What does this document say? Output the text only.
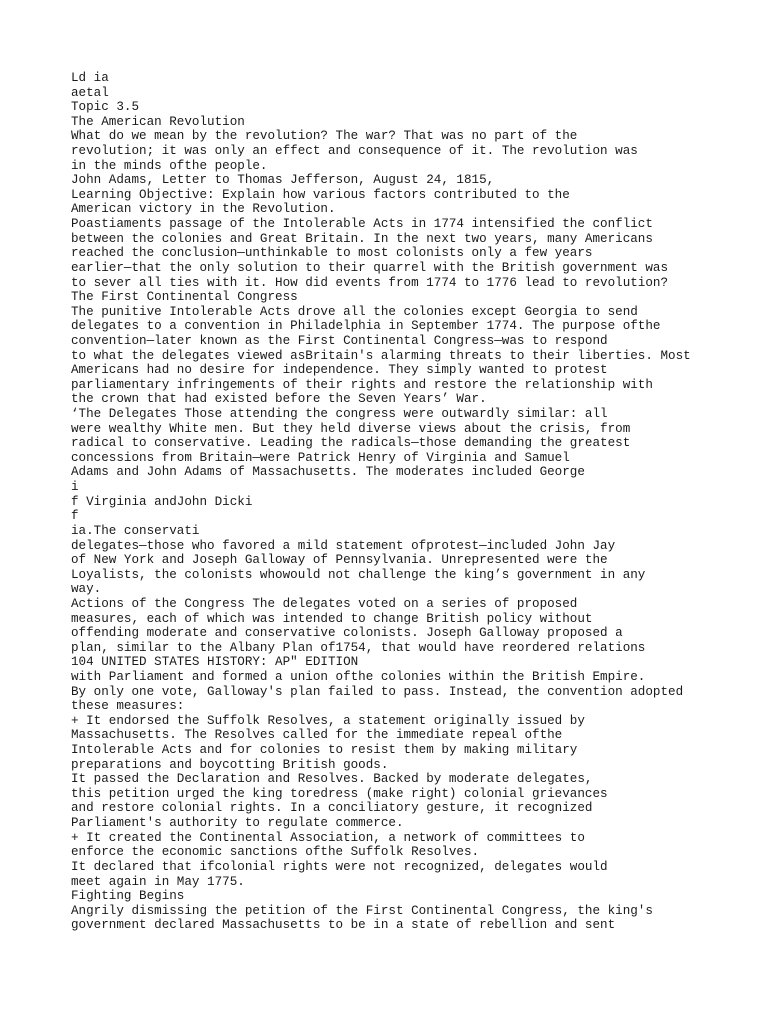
Ld ia
aetal
Topic 3.5
The American Revolution
What do we mean by the revolution? The war? That was no part of the
revolution; it was only an effect and consequence of it. The revolution was
in the minds ofthe people.
John Adams, Letter to Thomas Jefferson, August 24, 1815,
Learning Objective: Explain how various factors contributed to the
American victory in the Revolution.
Poastiaments passage of the Intolerable Acts in 1774 intensified the conflict
between the colonies and Great Britain. In the next two years, many Americans
reached the conclusion—unthinkable to most colonists only a few years
earlier—that the only solution to their quarrel with the British government was
to sever all ties with it. How did events from 1774 to 1776 lead to revolution?
The First Continental Congress
The punitive Intolerable Acts drove all the colonies except Georgia to send
delegates to a convention in Philadelphia in September 1774. The purpose ofthe
convention—later known as the First Continental Congress—was to respond
to what the delegates viewed asBritain's alarming threats to their liberties. Most
Americans had no desire for independence. They simply wanted to protest
parliamentary infringements of their rights and restore the relationship with
the crown that had existed before the Seven Years’ War.
‘The Delegates Those attending the congress were outwardly similar: all
were wealthy White men. But they held diverse views about the crisis, from
radical to conservative. Leading the radicals—those demanding the greatest
concessions from Britain—were Patrick Henry of Virginia and Samuel
Adams and John Adams of Massachusetts. The moderates included George
i
f Virginia andJohn Dicki
f
ia.The conservati
delegates—those who favored a mild statement ofprotest—included John Jay
of New York and Joseph Galloway of Pennsylvania. Unrepresented were the
Loyalists, the colonists whowould not challenge the king’s government in any
way.
Actions of the Congress The delegates voted on a series of proposed
measures, each of which was intended to change British policy without
offending moderate and conservative colonists. Joseph Galloway proposed a
plan, similar to the Albany Plan of1754, that would have reordered relations
104 UNITED STATES HISTORY: AP" EDITION
with Parliament and formed a union ofthe colonies within the British Empire.
By only one vote, Galloway's plan failed to pass. Instead, the convention adopted
these measures:
+ It endorsed the Suffolk Resolves, a statement originally issued by
Massachusetts. The Resolves called for the immediate repeal ofthe
Intolerable Acts and for colonies to resist them by making military
preparations and boycotting British goods.
It passed the Declaration and Resolves. Backed by moderate delegates,
this petition urged the king toredress (make right) colonial grievances
and restore colonial rights. In a conciliatory gesture, it recognized
Parliament's authority to regulate commerce.
+ It created the Continental Association, a network of committees to
enforce the economic sanctions ofthe Suffolk Resolves.
It declared that ifcolonial rights were not recognized, delegates would
meet again in May 1775.
Fighting Begins
Angrily dismissing the petition of the First Continental Congress, the king's
government declared Massachusetts to be in a state of rebellion and sent
